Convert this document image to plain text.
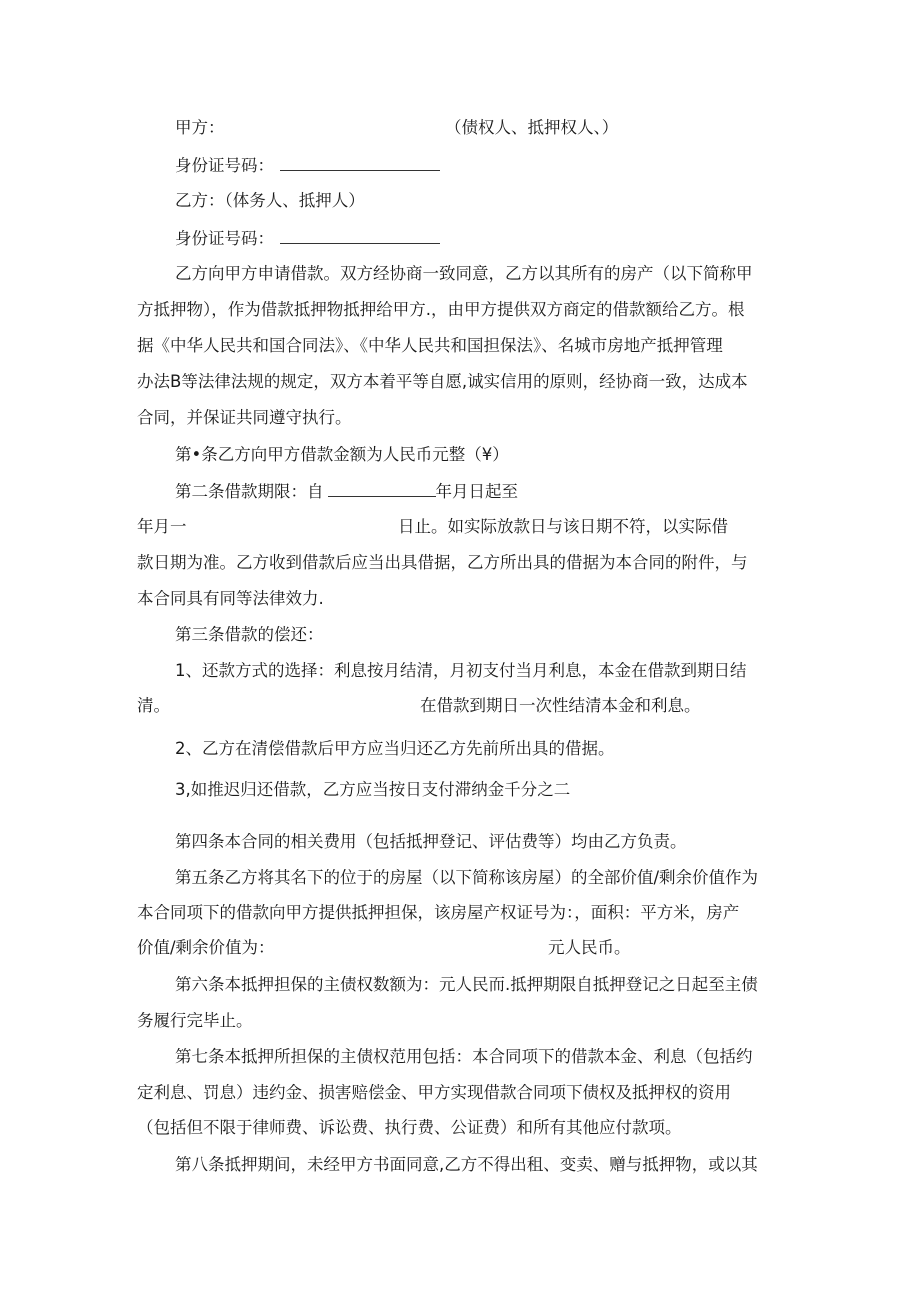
甲方：	（债权人、抵押权人、）
身份证号码：
乙方：（体务人、抵押人）
身份证号码：
乙方向甲方申请借款。双方经协商一致同意，乙方以其所有的房产（以下简称甲
方抵押物），作为借款抵押物抵押给甲方.，由甲方提供双方商定的借款额给乙方。根
据《中华人民共和国合同法》、《中华人民共和国担保法》、名城市房地产抵押管理
办法B等法律法规的规定，双方本着平等自愿,诚实信用的原则，经协商一致，达成本
合同，并保证共同遵守执行。
第•条乙方向甲方借款金额为人民币元整（¥）
第二条借款期限：自	年月日起至
年月一	日止。如实际放款日与该日期不符，以实际借
款日期为准。乙方收到借款后应当出具借据，乙方所出具的借据为本合同的附件，与
本合同具有同等法律效力.
第三条借款的偿还：
1、还款方式的选择：利息按月结清，月初支付当月利息，本金在借款到期日结
清。	在借款到期日一次性结清本金和利息。
2、乙方在清偿借款后甲方应当归还乙方先前所出具的借据。
3,如推迟归还借款，乙方应当按日支付滞纳金千分之二
第四条本合同的相关费用（包括抵押登记、评估费等）均由乙方负责。
第五条乙方将其名下的位于的房屋（以下简称该房屋）的全部价值/剩余价值作为
本合同项下的借款向甲方提供抵押担保，该房屋产权证号为：，面积：平方米，房产
价值/剩余价值为：	元人民币。
第六条本抵押担保的主债权数额为：元人民而.抵押期限自抵押登记之日起至主债
务履行完毕止。
第七条本抵押所担保的主债权范用包括：本合同项下的借款本金、利息（包括约
定利息、罚息）违约金、损害赔偿金、甲方实现借款合同项下债权及抵押权的资用
（包括但不限于律师费、诉讼费、执行费、公证费）和所有其他应付款项。
第八条抵押期间，未经甲方书面同意,乙方不得出租、变卖、赠与抵押物，或以其
